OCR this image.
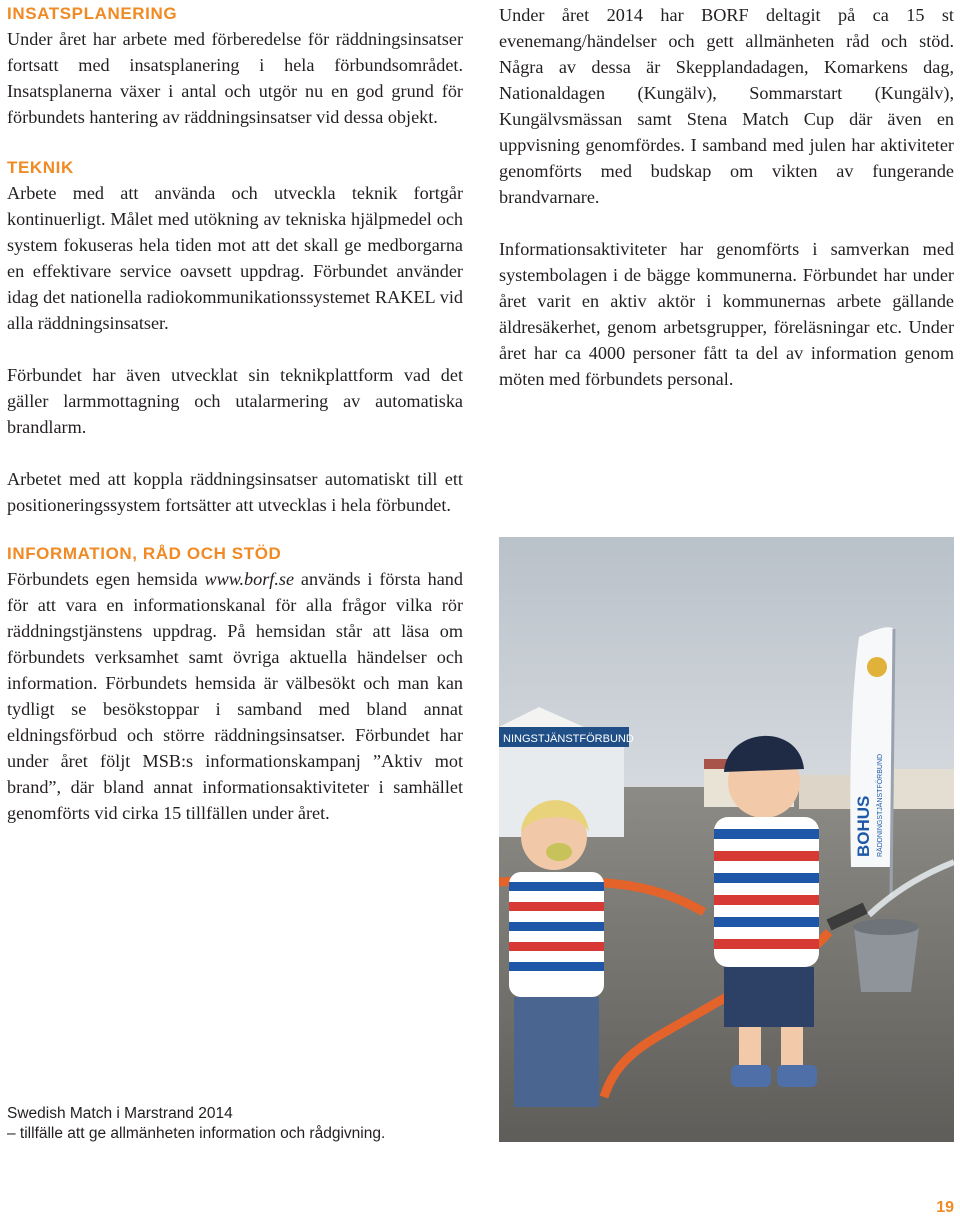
INSATSPLANERING

Under året har arbete med förberedelse för räddningsinsatser fortsatt med insatsplanering i hela förbundsområdet. Insatsplanerna växer i antal och utgör nu en god grund för förbundets hantering av räddningsinsatser vid dessa objekt.

TEKNIK

Arbete med att använda och utveckla teknik fortgår kontinuerligt. Målet med utökning av tekniska hjälpmedel och system fokuseras hela tiden mot att det skall ge medborgarna en effektivare service oavsett uppdrag. Förbundet använder idag det nationella radiokommunikationssystemet RAKEL vid alla räddningsinsatser.

Förbundet har även utvecklat sin teknikplattform vad det gäller larmmottagning och utalarmering av automatiska brandlarm.

Arbetet med att koppla räddningsinsatser automatiskt till ett positioneringssystem fortsätter att utvecklas i hela förbundet.

INFORMATION, RÅD OCH STÖD

Förbundets egen hemsida www.borf.se används i första hand för att vara en informationskanal för alla frågor vilka rör räddningstjänstens uppdrag. På hemsidan står att läsa om förbundets verksamhet samt övriga aktuella händelser och information. Förbundets hemsida är välbesökt och man kan tydligt se besökstoppar i samband med bland annat eldningsförbud och större räddningsinsatser. Förbundet har under året följt MSB:s informationskampanj ”Aktiv mot brand”, där bland annat informationsaktiviteter i samhället genomförts vid cirka 15 tillfällen under året.

Under året 2014 har BORF deltagit på ca 15 st evenemang/händelser och gett allmänheten råd och stöd. Några av dessa är Skepplandadagen, Komarkens dag, Nationaldagen (Kungälv), Sommarstart (Kungälv), Kungälvsmässan samt Stena Match Cup där även en uppvisning genomfördes. I samband med julen har aktiviteter genomförts med budskap om vikten av fungerande brandvarnare.

Informationsaktiviteter har genomförts i samverkan med systembolagen i de bägge kommunerna. Förbundet har under året varit en aktiv aktör i kommunernas arbete gällande äldresäkerhet, genom arbetsgrupper, föreläsningar etc. Under året har ca 4000 personer fått ta del av information genom möten med förbundets personal.

NINGSTJÄNSTFÖRBUND
BOHUS RÄDDNINGSTJÄNSTFÖRBUND
Swedish Match i Marstrand 2014
– tillfälle att ge allmänheten information och rådgivning.
19
